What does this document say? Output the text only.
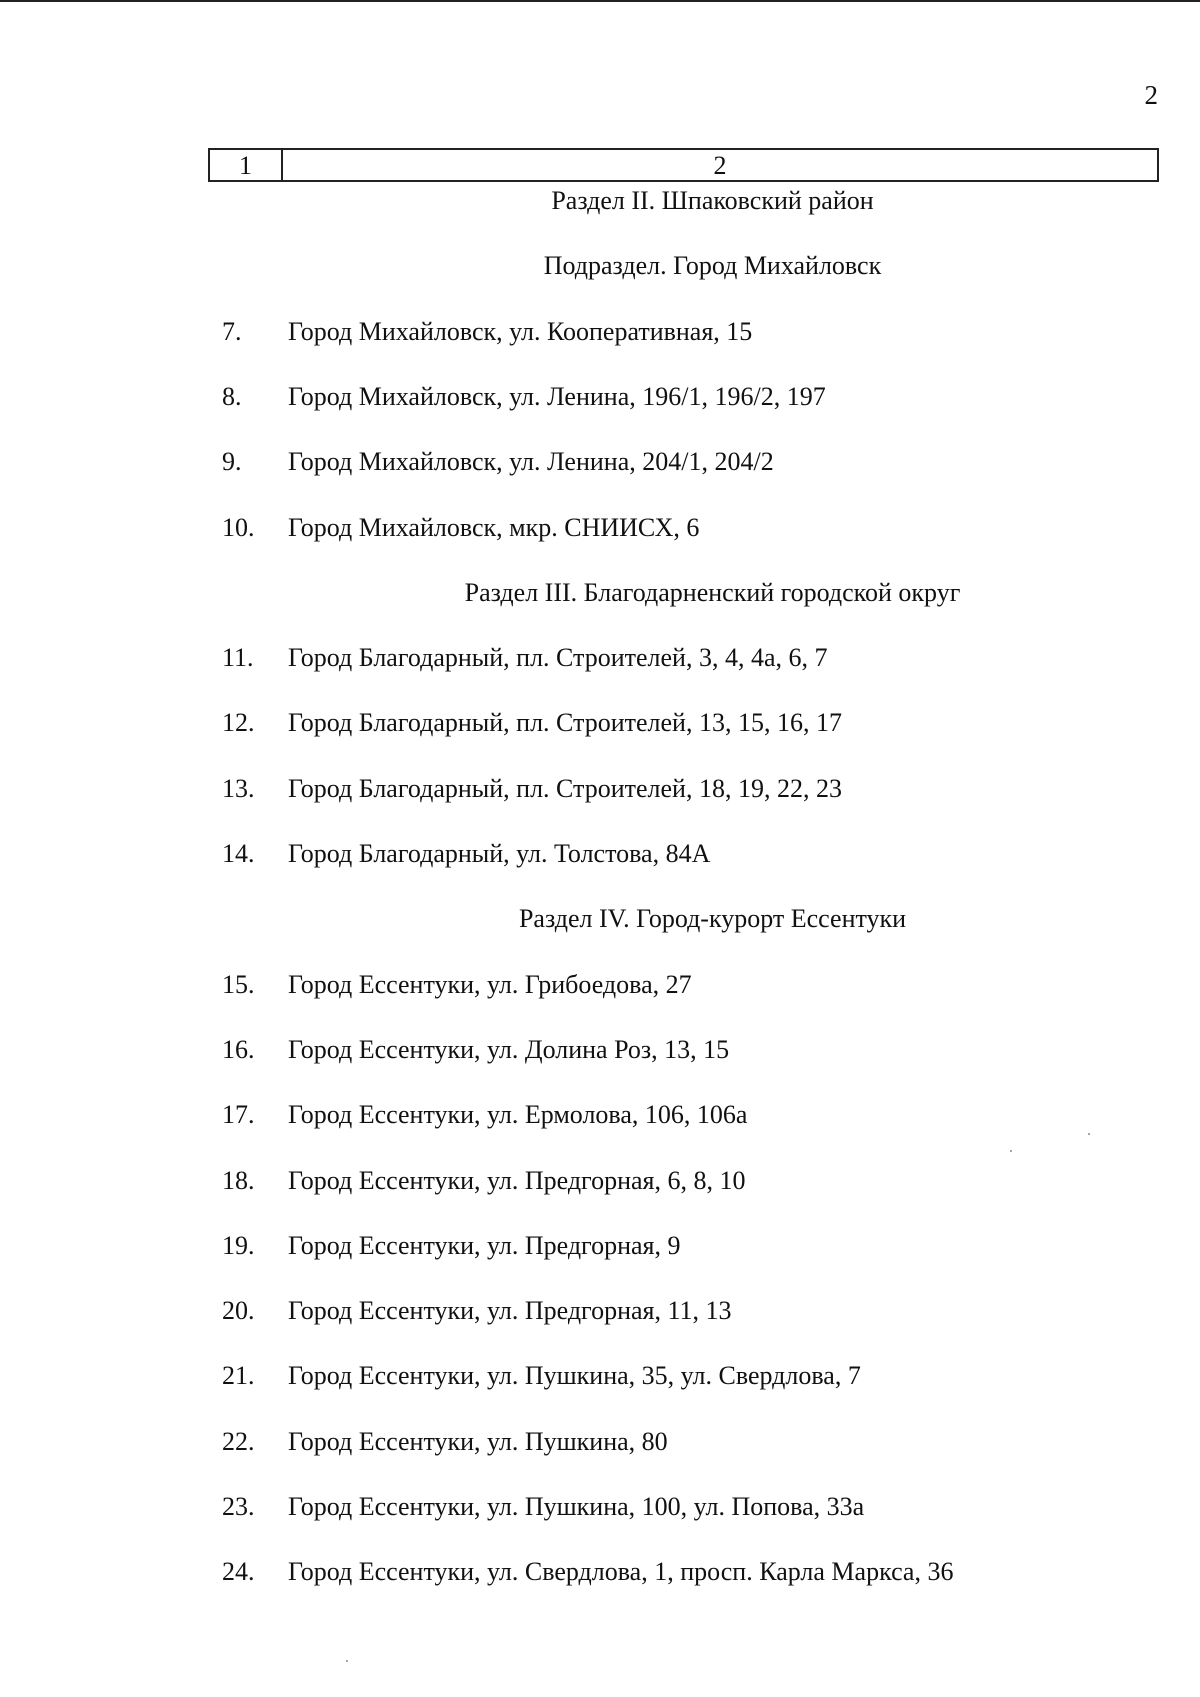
2
1	2
Раздел II. Шпаковский район
Подраздел. Город Михайловск
7. Город Михайловск, ул. Кооперативная, 15
8. Город Михайловск, ул. Ленина, 196/1, 196/2, 197
9. Город Михайловск, ул. Ленина, 204/1, 204/2
10. Город Михайловск, мкр. СНИИСХ, 6
Раздел III. Благодарненский городской округ
11. Город Благодарный, пл. Строителей, 3, 4, 4а, 6, 7
12. Город Благодарный, пл. Строителей, 13, 15, 16, 17
13. Город Благодарный, пл. Строителей, 18, 19, 22, 23
14. Город Благодарный, ул. Толстова, 84А
Раздел IV. Город-курорт Ессентуки
15. Город Ессентуки, ул. Грибоедова, 27
16. Город Ессентуки, ул. Долина Роз, 13, 15
17. Город Ессентуки, ул. Ермолова, 106, 106а
18. Город Ессентуки, ул. Предгорная, 6, 8, 10
19. Город Ессентуки, ул. Предгорная, 9
20. Город Ессентуки, ул. Предгорная, 11, 13
21. Город Ессентуки, ул. Пушкина, 35, ул. Свердлова, 7
22. Город Ессентуки, ул. Пушкина, 80
23. Город Ессентуки, ул. Пушкина, 100, ул. Попова, 33а
24. Город Ессентуки, ул. Свердлова, 1, просп. Карла Маркса, 36
